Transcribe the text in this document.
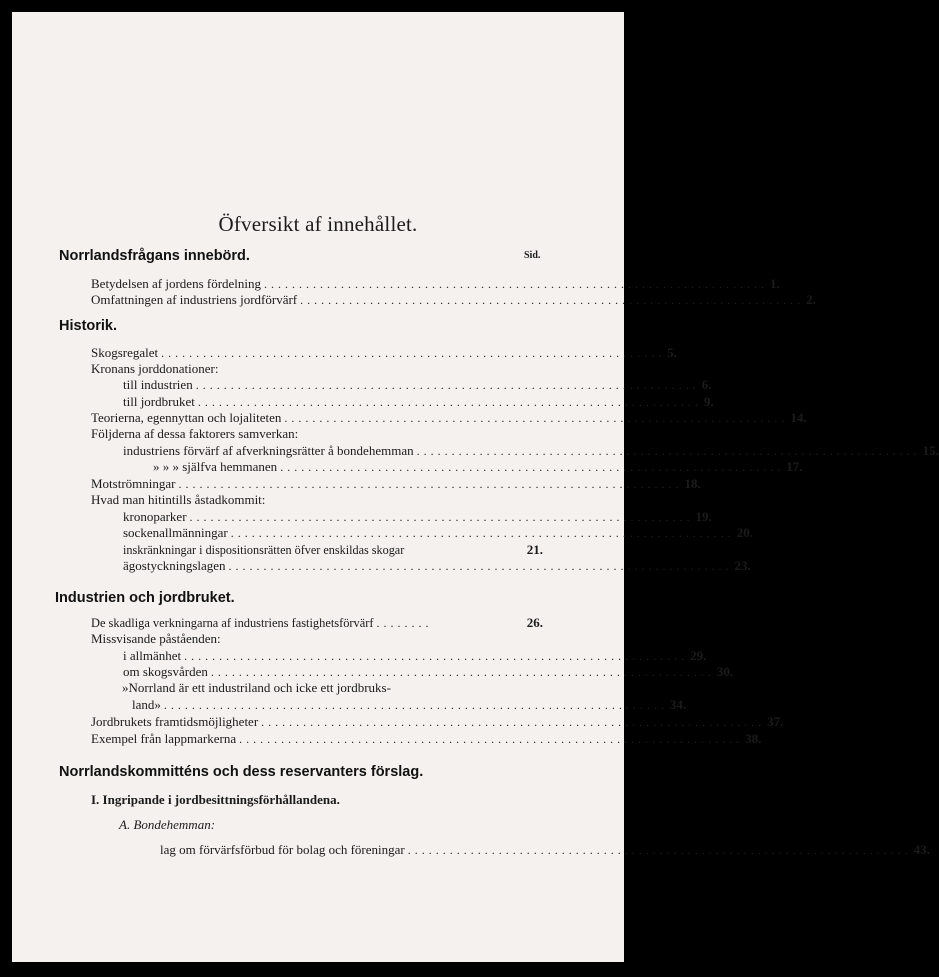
Öfversikt af innehållet.
Sid.
Norrlandsfrågans innebörd.
Betydelsen af jordens fördelning ........................................................................ 1.
Omfattningen af industriens jordförvärf ........................................................................ 2.
Historik.
Skogsregalet ........................................................................ 5.
Kronans jorddonationer:
till industrien ........................................................................ 6.
till jordbruket ........................................................................ 9.
Teorierna, egennyttan och lojaliteten ........................................................................ 14.
Följderna af dessa faktorers samverkan:
industriens förvärf af afverkningsrätter å bondehemman ........................................................................ 15.
» » » själfva hemmanen ........................................................................ 17.
Motströmningar ........................................................................ 18.
Hvad man hitintills åstadkommit:
kronoparker ........................................................................ 19.
sockenallmänningar ........................................................................ 20.
inskränkningar i dispositionsrätten öfver enskildas skogar	21.
ägostyckningslagen ........................................................................ 23.
Industrien och jordbruket.
De skadliga verkningarna af industriens fastighetsförvärf ........	26.
Missvisande påståenden:
i allmänhet ........................................................................ 29.
om skogsvården ........................................................................ 30.
»Norrland är ett industriland och icke ett jordbruks-
land» ........................................................................ 34.
Jordbrukets framtidsmöjligheter ........................................................................ 37.
Exempel från lappmarkerna ........................................................................ 38.
Norrlandskommitténs och dess reservanters förslag.
I. Ingripande i jordbesittningsförhållandena.
A. Bondehemman:
lag om förvärfsförbud för bolag och föreningar ........................................................................ 43.
